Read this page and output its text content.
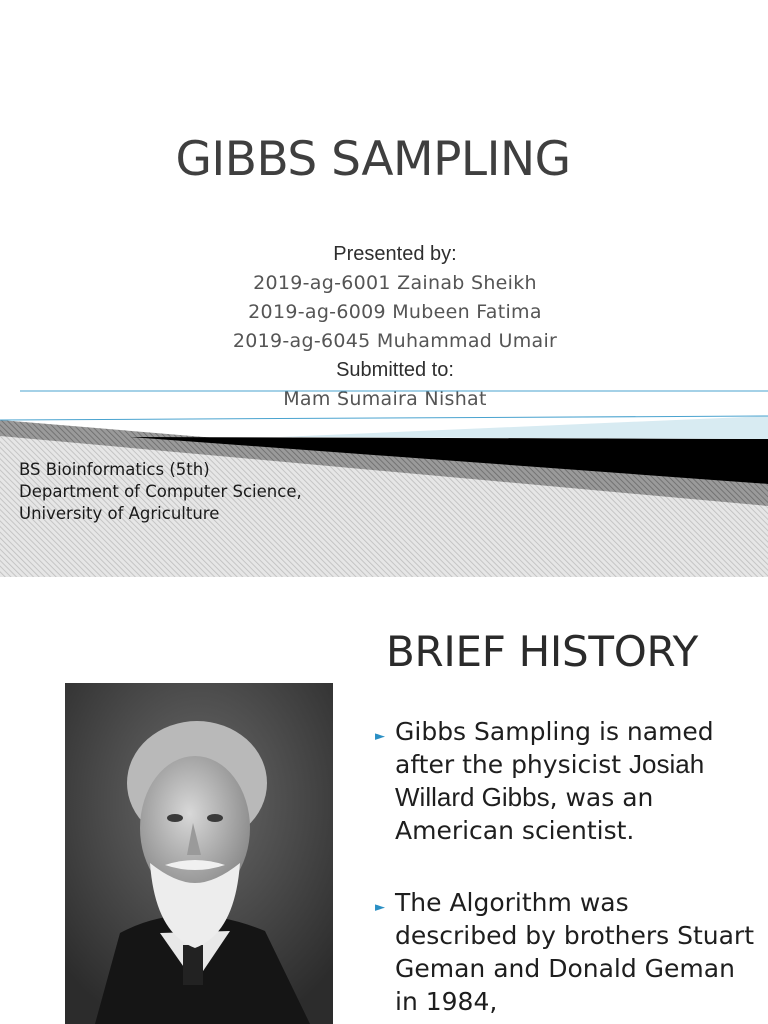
GIBBS SAMPLING
Presented by:
2019-ag-6001 Zainab Sheikh
2019-ag-6009 Mubeen Fatima
2019-ag-6045 Muhammad Umair
Submitted to:
Mam Sumaira Nishat
BS Bioinformatics (5th)
Department of Computer Science,
University of Agriculture
BRIEF HISTORY
► Gibbs Sampling is named after the physicist Josiah Willard Gibbs, was an American scientist.
► The Algorithm was described by brothers Stuart Geman and Donald Geman in 1984,
